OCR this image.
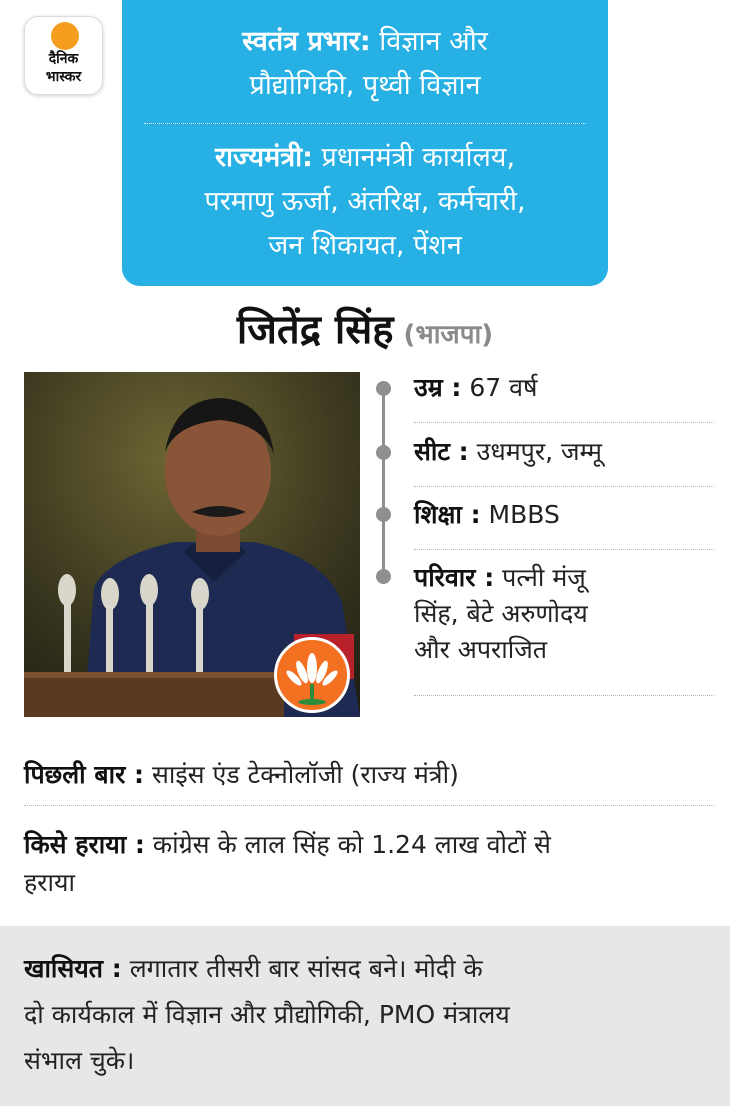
दैनिक
भास्कर
स्वतंत्र प्रभार: विज्ञान और
प्रौद्योगिकी, पृथ्वी विज्ञान
राज्यमंत्री: प्रधानमंत्री कार्यालय,
परमाणु ऊर्जा, अंतरिक्ष, कर्मचारी,
जन शिकायत, पेंशन
जितेंद्र सिंह (भाजपा)
उम्र : 67 वर्ष
सीट : उधमपुर, जम्मू
शिक्षा : MBBS
परिवार : पत्नी मंजू
सिंह, बेटे अरुणोदय
और अपराजित
पिछली बार : साइंस एंड टेक्नोलॉजी (राज्य मंत्री)
किसे हराया : कांग्रेस के लाल सिंह को 1.24 लाख वोटों से
हराया
खासियत : लगातार तीसरी बार सांसद बने। मोदी के
दो कार्यकाल में विज्ञान और प्रौद्योगिकी, PMO मंत्रालय
संभाल चुके।
